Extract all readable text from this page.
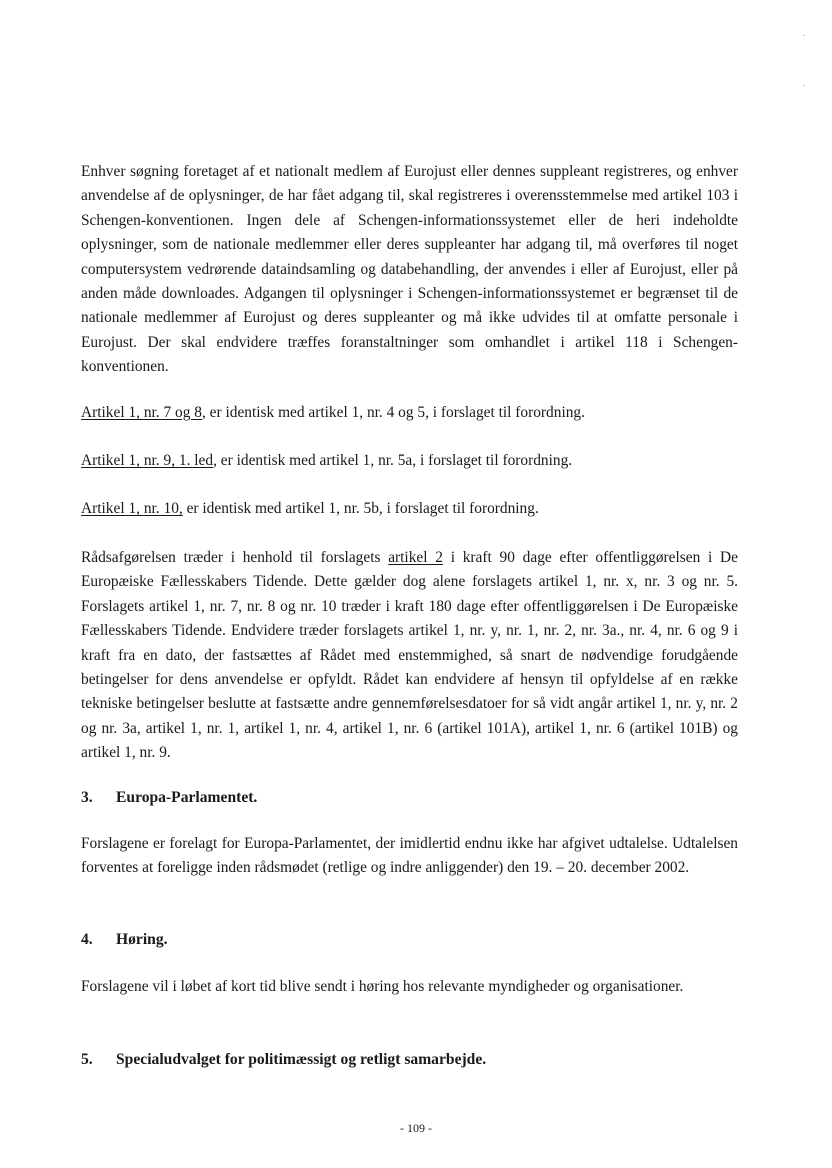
Enhver søgning foretaget af et nationalt medlem af Eurojust eller dennes suppleant registreres, og enhver anvendelse af de oplysninger, de har fået adgang til, skal registreres i overensstemmelse med artikel 103 i Schengen-konventionen. Ingen dele af Schengen-informationssystemet eller de heri indeholdte oplysninger, som de nationale medlemmer eller deres suppleanter har adgang til, må overføres til noget computersystem vedrørende dataindsamling og databehandling, der anvendes i eller af Eurojust, eller på anden måde downloades. Adgangen til oplysninger i Schengen-informationssystemet er begrænset til de nationale medlemmer af Eurojust og deres suppleanter og må ikke udvides til at omfatte personale i Eurojust. Der skal endvidere træffes foranstaltninger som omhandlet i artikel 118 i Schengen-konventionen.

Artikel 1, nr. 7 og 8, er identisk med artikel 1, nr. 4 og 5, i forslaget til forordning.

Artikel 1, nr. 9, 1. led, er identisk med artikel 1, nr. 5a, i forslaget til forordning.

Artikel 1, nr. 10, er identisk med artikel 1, nr. 5b, i forslaget til forordning.

Rådsafgørelsen træder i henhold til forslagets artikel 2 i kraft 90 dage efter offentliggørelsen i De Europæiske Fællesskabers Tidende. Dette gælder dog alene forslagets artikel 1, nr. x, nr. 3 og nr. 5. Forslagets artikel 1, nr. 7, nr. 8 og nr. 10 træder i kraft 180 dage efter offentliggørelsen i De Europæiske Fællesskabers Tidende. Endvidere træder forslagets artikel 1, nr. y, nr. 1, nr. 2, nr. 3a., nr. 4, nr. 6 og 9 i kraft fra en dato, der fastsættes af Rådet med enstemmighed, så snart de nødvendige forudgående betingelser for dens anvendelse er opfyldt. Rådet kan endvidere af hensyn til opfyldelse af en række tekniske betingelser beslutte at fastsætte andre gennemførelsesdatoer for så vidt angår artikel 1, nr. y, nr. 2 og nr. 3a, artikel 1, nr. 1, artikel 1, nr. 4, artikel 1, nr. 6 (artikel 101A), artikel 1, nr. 6 (artikel 101B) og artikel 1, nr. 9.

3. Europa-Parlamentet.

Forslagene er forelagt for Europa-Parlamentet, der imidlertid endnu ikke har afgivet udtalelse. Udtalelsen forventes at foreligge inden rådsmødet (retlige og indre anliggender) den 19. – 20. december 2002.

4. Høring.

Forslagene vil i løbet af kort tid blive sendt i høring hos relevante myndigheder og organisationer.

5. Specialudvalget for politimæssigt og retligt samarbejde.
- 109 -
